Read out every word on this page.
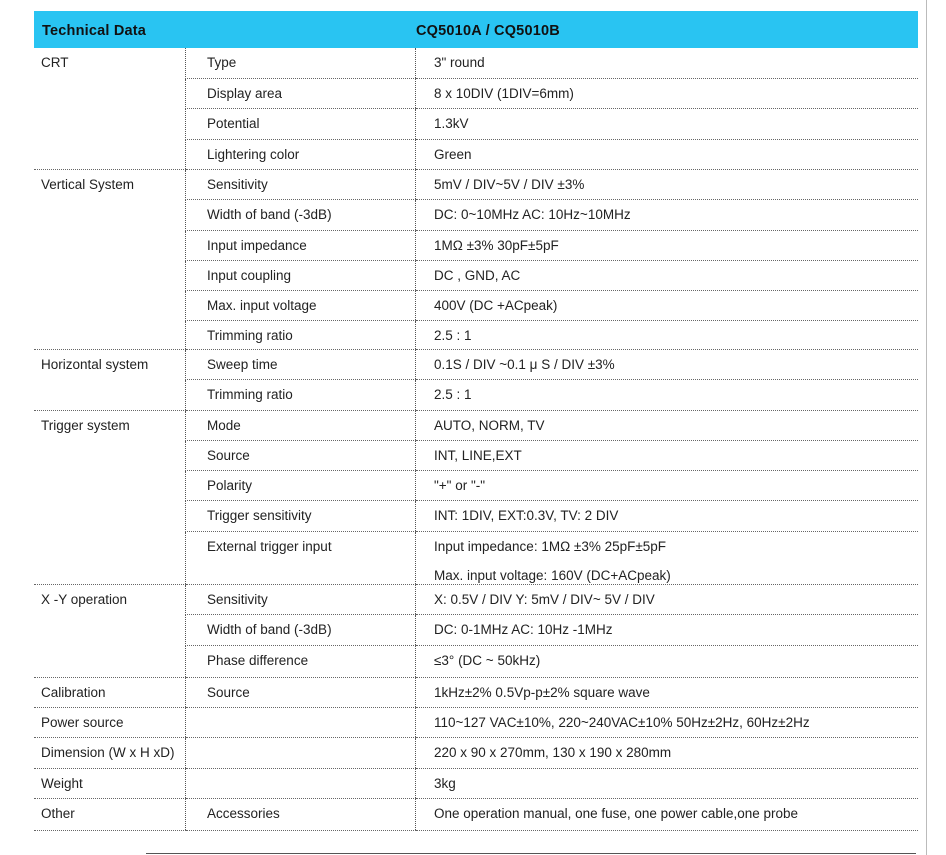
Technical Data	CQ5010A / CQ5010B
CRT	Type	3" round

	Display area	8 x 10DIV (1DIV=6mm)

	Potential	1.3kV

	Lightering color	Green

Vertical System	Sensitivity	5mV / DIV~5V / DIV ±3%

	Width of band (-3dB)	DC: 0~10MHz AC: 10Hz~10MHz

	Input impedance	1MΩ ±3% 30pF±5pF

	Input coupling	DC , GND, AC

	Max. input voltage	400V (DC +ACpeak)

	Trimming ratio	2.5 : 1

Horizontal system	Sweep time	0.1S / DIV ~0.1 μ S / DIV ±3%

	Trimming ratio	2.5 : 1

Trigger system	Mode	AUTO, NORM, TV

	Source	INT, LINE,EXT

	Polarity	"+" or "-"

	Trigger sensitivity	INT: 1DIV, EXT:0.3V, TV: 2 DIV

	External trigger input	Input impedance: 1MΩ ±3% 25pF±5pF
Max. input voltage: 160V (DC+ACpeak)

X -Y operation	Sensitivity	X: 0.5V / DIV Y: 5mV / DIV~ 5V / DIV

	Width of band (-3dB)	DC: 0-1MHz AC: 10Hz -1MHz

	Phase difference	≤3° (DC ~ 50kHz)

Calibration	Source	1kHz±2% 0.5Vp-p±2% square wave

Power source		110~127 VAC±10%, 220~240VAC±10% 50Hz±2Hz, 60Hz±2Hz

Dimension (W x H xD)		220 x 90 x 270mm, 130 x 190 x 280mm

Weight		3kg

Other	Accessories	One operation manual, one fuse, one power cable,one probe
